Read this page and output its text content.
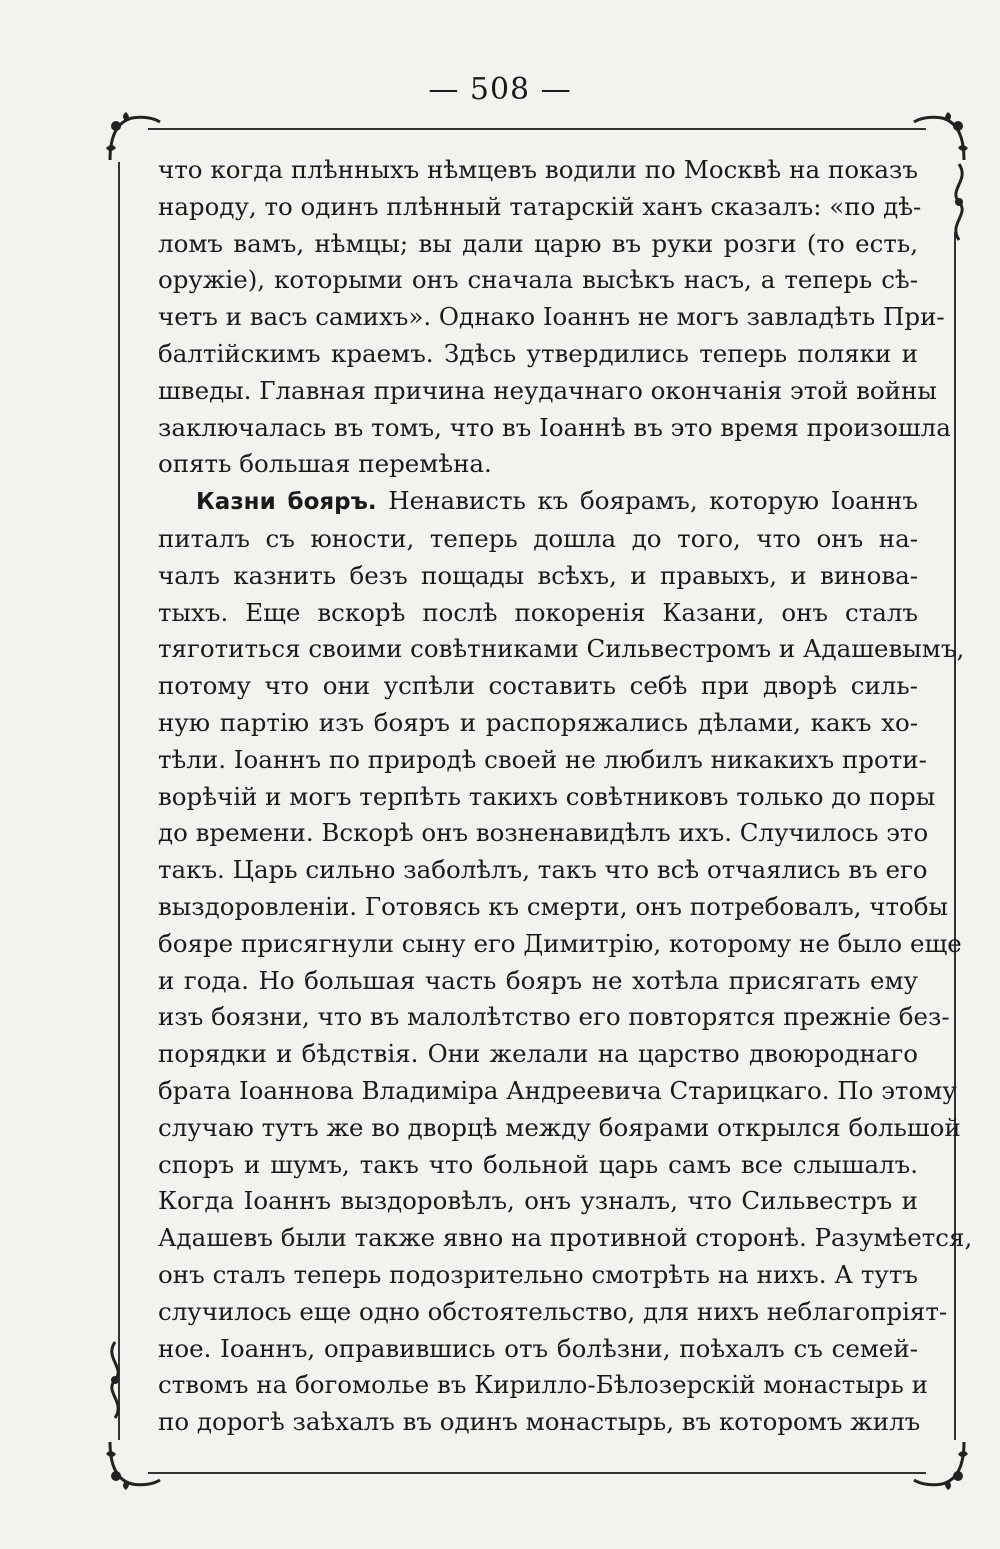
— 508 —
что когда плѣнныхъ нѣмцевъ водили по Москвѣ на показъ
народу, то одинъ плѣнный татарскій ханъ сказалъ: «по дѣ-
ломъ вамъ, нѣмцы; вы дали царю въ руки розги (то есть,
оружіе), которыми онъ сначала высѣкъ насъ, а теперь сѣ-
четъ и васъ самихъ». Однако Іоаннъ не могъ завладѣть При-
балтійскимъ краемъ. Здѣсь утвердились теперь поляки и
шведы. Главная причина неудачнаго окончанія этой войны
заключалась въ томъ, что въ Іоаннѣ въ это время произошла
опять большая перемѣна.
Казни бояръ. Ненависть къ боярамъ, которую Іоаннъ
питалъ съ юности, теперь дошла до того, что онъ на-
чалъ казнить безъ пощады всѣхъ, и правыхъ, и винова-
тыхъ. Еще вскорѣ послѣ покоренія Казани, онъ сталъ
тяготиться своими совѣтниками Сильвестромъ и Адашевымъ,
потому что они успѣли составить себѣ при дворѣ силь-
ную партію изъ бояръ и распоряжались дѣлами, какъ хо-
тѣли. Іоаннъ по природѣ своей не любилъ никакихъ проти-
ворѣчій и могъ терпѣть такихъ совѣтниковъ только до поры
до времени. Вскорѣ онъ возненавидѣлъ ихъ. Случилось это
такъ. Царь сильно заболѣлъ, такъ что всѣ отчаялись въ его
выздоровленіи. Готовясь къ смерти, онъ потребовалъ, чтобы
бояре присягнули сыну его Димитрію, которому не было еще
и года. Но большая часть бояръ не хотѣла присягать ему
изъ боязни, что въ малолѣтство его повторятся прежніе без-
порядки и бѣдствія. Они желали на царство двоюроднаго
брата Іоаннова Владиміра Андреевича Старицкаго. По этому
случаю тутъ же во дворцѣ между боярами открылся большой
споръ и шумъ, такъ что больной царь самъ все слышалъ.
Когда Іоаннъ выздоровѣлъ, онъ узналъ, что Сильвестръ и
Адашевъ были также явно на противной сторонѣ. Разумѣется,
онъ сталъ теперь подозрительно смотрѣть на нихъ. А тутъ
случилось еще одно обстоятельство, для нихъ неблагопріят-
ное. Іоаннъ, оправившись отъ болѣзни, поѣхалъ съ семей-
ствомъ на богомолье въ Кирилло-Бѣлозерскій монастырь и
по дорогѣ заѣхалъ въ одинъ монастырь, въ которомъ жилъ
